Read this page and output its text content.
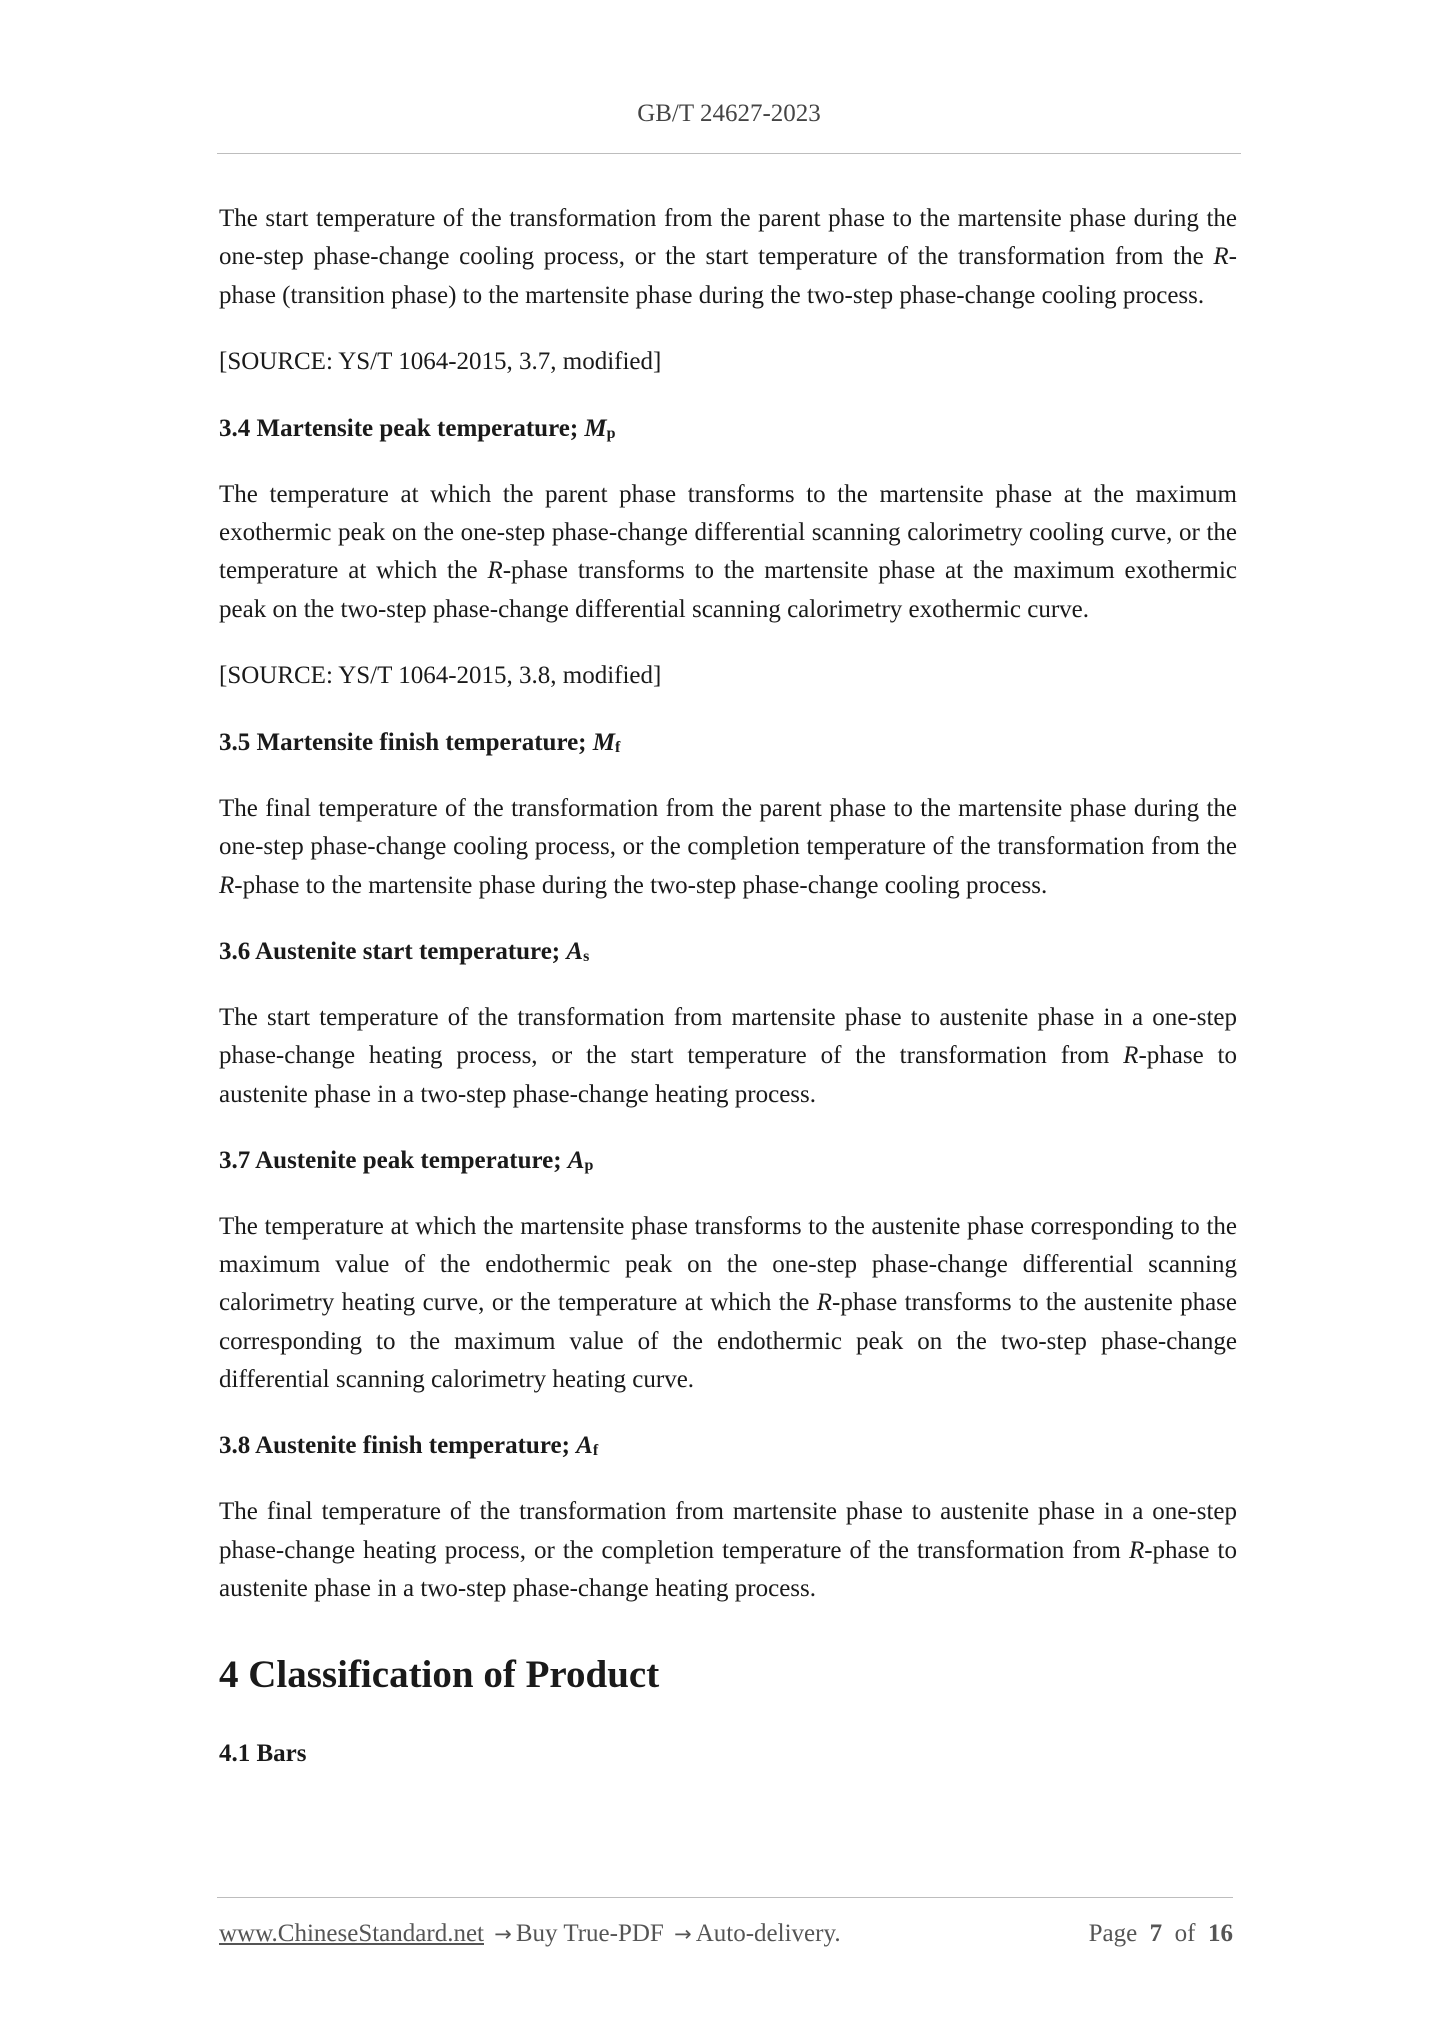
GB/T 24627-2023

The start temperature of the transformation from the parent phase to the martensite phase during the one-step phase-change cooling process, or the start temperature of the transformation from the R-phase (transition phase) to the martensite phase during the two-step phase-change cooling process.

[SOURCE: YS/T 1064-2015, 3.7, modified]

3.4 Martensite peak temperature; $M_p$

The temperature at which the parent phase transforms to the martensite phase at the maximum exothermic peak on the one-step phase-change differential scanning calorimetry cooling curve, or the temperature at which the R-phase transforms to the martensite phase at the maximum exothermic peak on the two-step phase-change differential scanning calorimetry exothermic curve.

[SOURCE: YS/T 1064-2015, 3.8, modified]

3.5 Martensite finish temperature; $M_f$

The final temperature of the transformation from the parent phase to the martensite phase during the one-step phase-change cooling process, or the completion temperature of the transformation from the R-phase to the martensite phase during the two-step phase-change cooling process.

3.6 Austenite start temperature; $A_s$

The start temperature of the transformation from martensite phase to austenite phase in a one-step phase-change heating process, or the start temperature of the transformation from R-phase to austenite phase in a two-step phase-change heating process.

3.7 Austenite peak temperature; $A_p$

The temperature at which the martensite phase transforms to the austenite phase corresponding to the maximum value of the endothermic peak on the one-step phase-change differential scanning calorimetry heating curve, or the temperature at which the R-phase transforms to the austenite phase corresponding to the maximum value of the endothermic peak on the two-step phase-change differential scanning calorimetry heating curve.

3.8 Austenite finish temperature; $A_f$

The final temperature of the transformation from martensite phase to austenite phase in a one-step phase-change heating process, or the completion temperature of the transformation from R-phase to austenite phase in a two-step phase-change heating process.

4 Classification of Product
4.1 Bars
www.ChineseStandard.net → Buy True-PDF → Auto-delivery.	Page 7 of 16
